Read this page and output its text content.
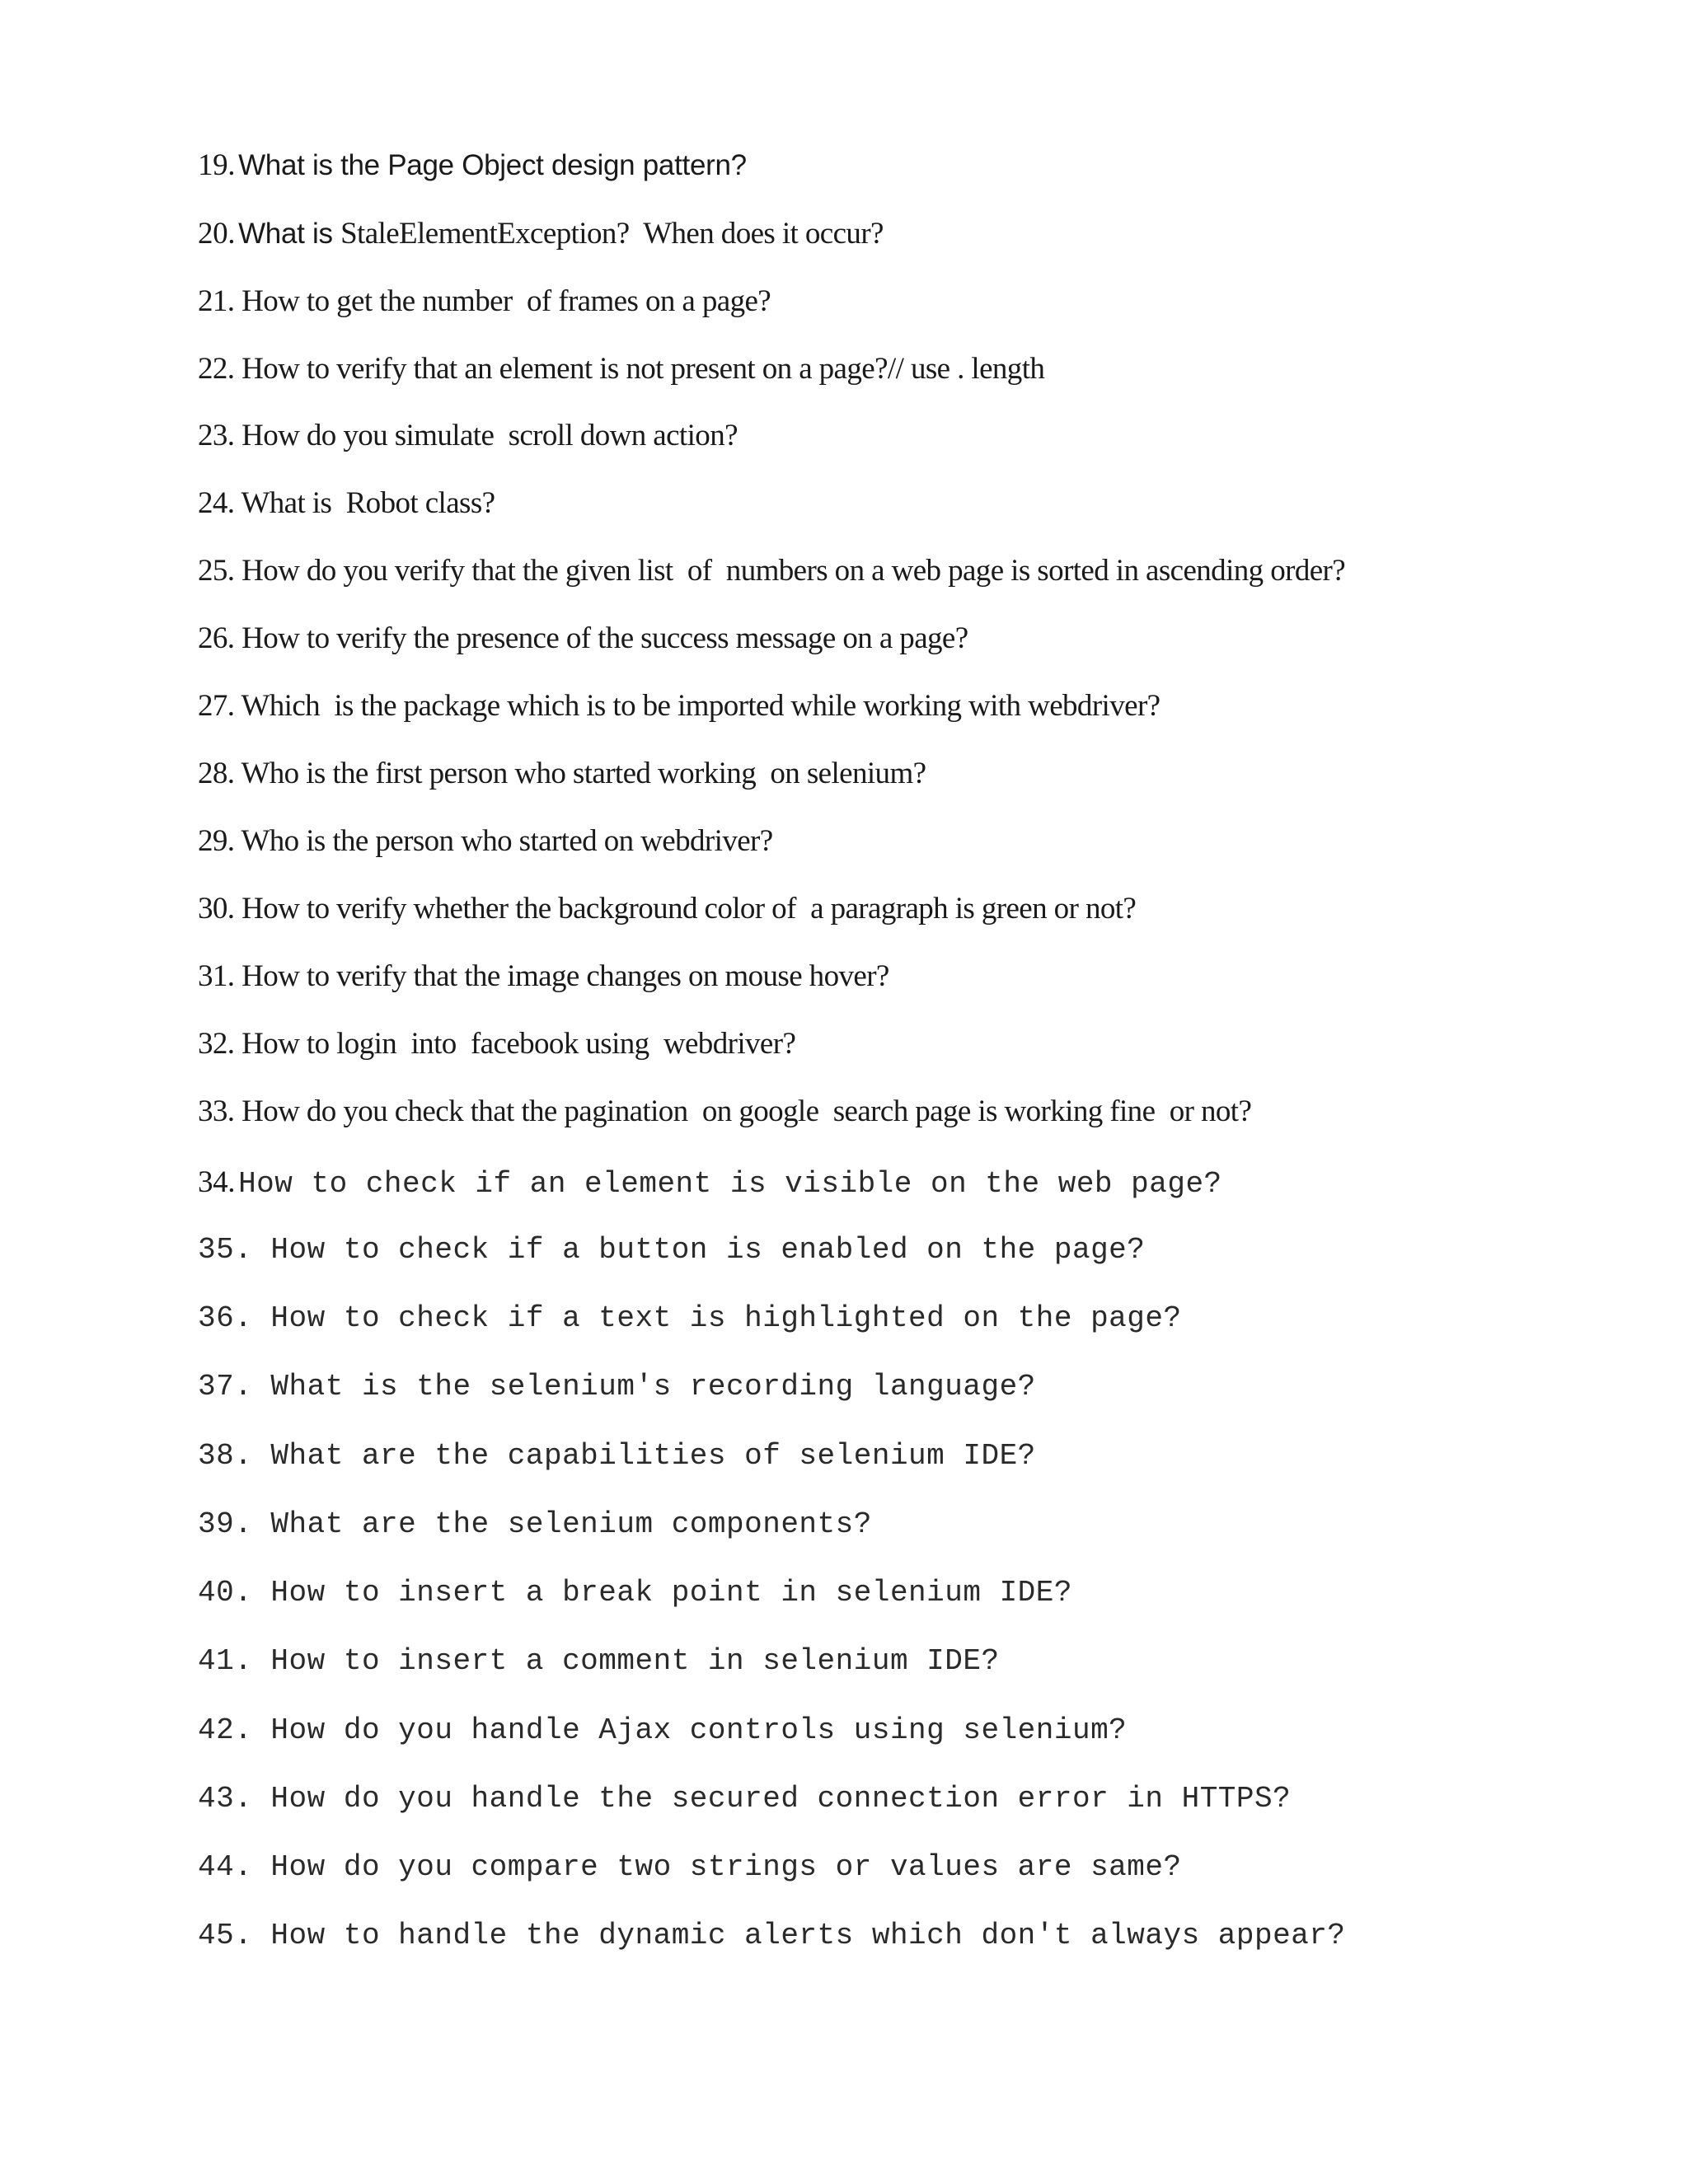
19. What is the Page Object design pattern?
20. What is StaleElementException?  When does it occur?
21. How to get the number  of frames on a page?
22. How to verify that an element is not present on a page?// use . length
23. How do you simulate  scroll down action?
24. What is  Robot class?
25. How do you verify that the given list  of  numbers on a web page is sorted in ascending order?
26. How to verify the presence of the success message on a page?
27. Which  is the package which is to be imported while working with webdriver?
28. Who is the first person who started working  on selenium?
29. Who is the person who started on webdriver?
30. How to verify whether the background color of  a paragraph is green or not?
31. How to verify that the image changes on mouse hover?
32. How to login  into  facebook using  webdriver?
33. How do you check that the pagination  on google  search page is working fine  or not?
34. How to check if an element is visible on the web page?
35. How to check if a button is enabled on the page?
36. How to check if a text is highlighted on the page?
37. What is the selenium's recording language?
38. What are the capabilities of selenium IDE?
39. What are the selenium components?
40. How to insert a break point in selenium IDE?
41. How to insert a comment in selenium IDE?
42. How do you handle Ajax controls using selenium?
43. How do you handle the secured connection error in HTTPS?
44. How do you compare two strings or values are same?
45. How to handle the dynamic alerts which don't always appear?
